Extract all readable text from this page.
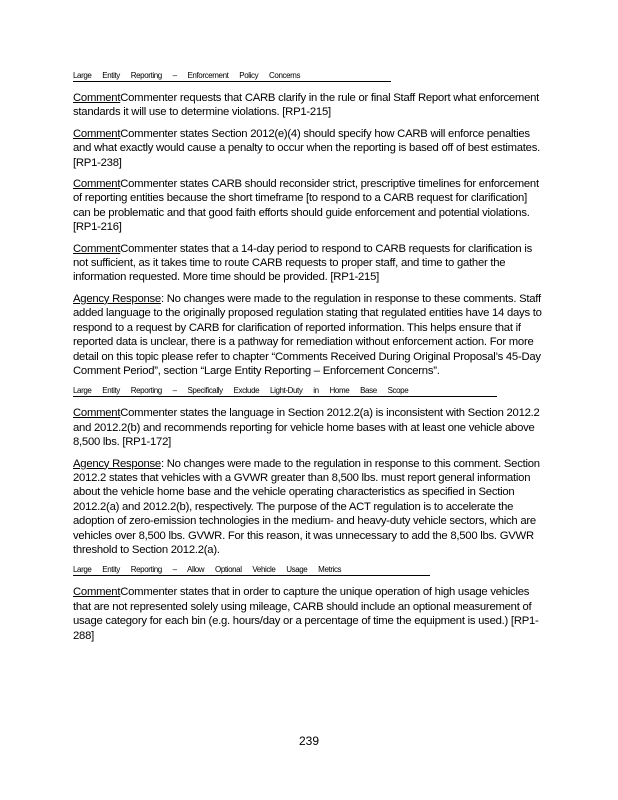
Large Entity Reporting – Enforcement Policy Concerns

CommentCommenter requests that CARB clarify in the rule or final Staff Report what enforcement standards it will use to determine violations. [RP1-215]

CommentCommenter states Section 2012(e)(4) should specify how CARB will enforce penalties and what exactly would cause a penalty to occur when the reporting is based off of best estimates. [RP1-238]

CommentCommenter states CARB should reconsider strict, prescriptive timelines for enforcement of reporting entities because the short timeframe [to respond to a CARB request for clarification] can be problematic and that good faith efforts should guide enforcement and potential violations. [RP1-216]

CommentCommenter states that a 14-day period to respond to CARB requests for clarification is not sufficient, as it takes time to route CARB requests to proper staff, and time to gather the information requested. More time should be provided. [RP1-215]

Agency Response: No changes were made to the regulation in response to these comments. Staff added language to the originally proposed regulation stating that regulated entities have 14 days to respond to a request by CARB for clarification of reported information. This helps ensure that if reported data is unclear, there is a pathway for remediation without enforcement action. For more detail on this topic please refer to chapter “Comments Received During Original Proposal’s 45-Day Comment Period”, section “Large Entity Reporting – Enforcement Concerns”.

Large Entity Reporting – Specifically Exclude Light-Duty in Home Base Scope

CommentCommenter states the language in Section 2012.2(a) is inconsistent with Section 2012.2 and 2012.2(b) and recommends reporting for vehicle home bases with at least one vehicle above 8,500 lbs. [RP1-172]

Agency Response: No changes were made to the regulation in response to this comment. Section 2012.2 states that vehicles with a GVWR greater than 8,500 lbs. must report general information about the vehicle home base and the vehicle operating characteristics as specified in Section 2012.2(a) and 2012.2(b), respectively. The purpose of the ACT regulation is to accelerate the adoption of zero-emission technologies in the medium- and heavy-duty vehicle sectors, which are vehicles over 8,500 lbs. GVWR. For this reason, it was unnecessary to add the 8,500 lbs. GVWR threshold to Section 2012.2(a).

Large Entity Reporting – Allow Optional Vehicle Usage Metrics

CommentCommenter states that in order to capture the unique operation of high usage vehicles that are not represented solely using mileage, CARB should include an optional measurement of usage category for each bin (e.g. hours/day or a percentage of time the equipment is used.) [RP1-288]

239
